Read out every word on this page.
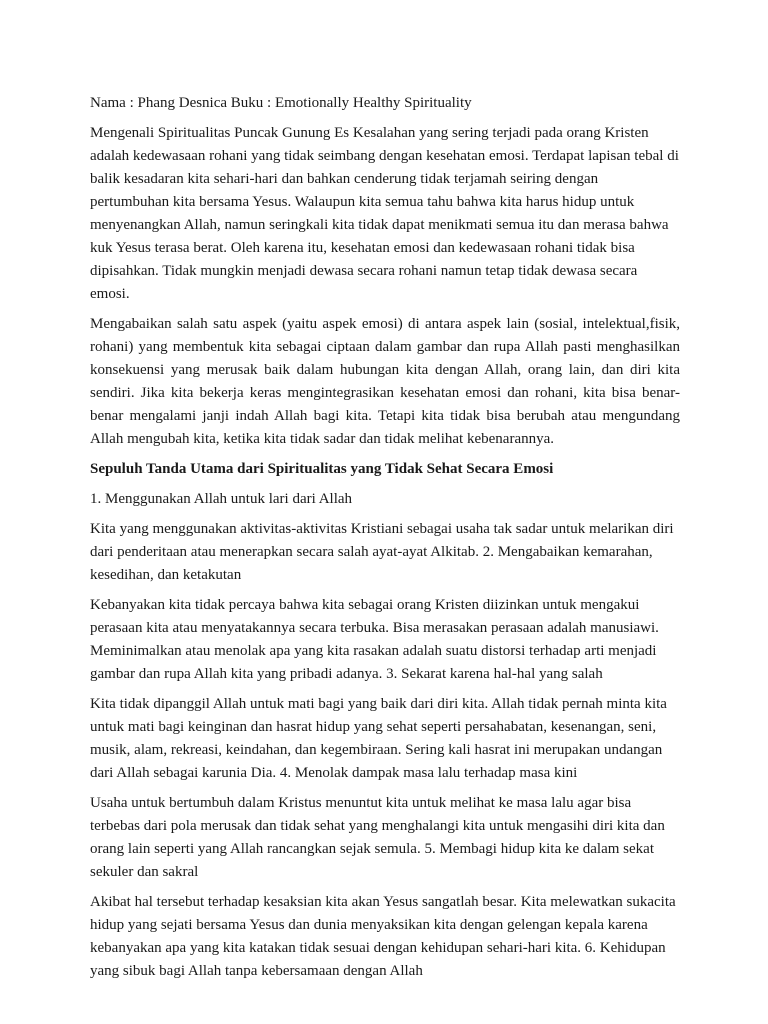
Nama : Phang Desnica Buku : Emotionally Healthy Spirituality

Mengenali Spiritualitas Puncak Gunung Es Kesalahan yang sering terjadi pada orang Kristen adalah kedewasaan rohani yang tidak seimbang dengan kesehatan emosi. Terdapat lapisan tebal di balik kesadaran kita sehari-hari dan bahkan cenderung tidak terjamah seiring dengan pertumbuhan kita bersama Yesus. Walaupun kita semua tahu bahwa kita harus hidup untuk menyenangkan Allah, namun seringkali kita tidak dapat menikmati semua itu dan merasa bahwa kuk Yesus terasa berat. Oleh karena itu, kesehatan emosi dan kedewasaan rohani tidak bisa dipisahkan. Tidak mungkin menjadi dewasa secara rohani namun tetap tidak dewasa secara emosi.

Mengabaikan salah satu aspek (yaitu aspek emosi) di antara aspek lain (sosial, intelektual,fisik, rohani) yang membentuk kita sebagai ciptaan dalam gambar dan rupa Allah pasti menghasilkan konsekuensi yang merusak baik dalam hubungan kita dengan Allah, orang lain, dan diri kita sendiri. Jika kita bekerja keras mengintegrasikan kesehatan emosi dan rohani, kita bisa benar-benar mengalami janji indah Allah bagi kita. Tetapi kita tidak bisa berubah atau mengundang Allah mengubah kita, ketika kita tidak sadar dan tidak melihat kebenarannya.

Sepuluh Tanda Utama dari Spiritualitas yang Tidak Sehat Secara Emosi

1. Menggunakan Allah untuk lari dari Allah

Kita yang menggunakan aktivitas-aktivitas Kristiani sebagai usaha tak sadar untuk melarikan diri dari penderitaan atau menerapkan secara salah ayat-ayat Alkitab. 2. Mengabaikan kemarahan, kesedihan, dan ketakutan

Kebanyakan kita tidak percaya bahwa kita sebagai orang Kristen diizinkan untuk mengakui perasaan kita atau menyatakannya secara terbuka. Bisa merasakan perasaan adalah manusiawi. Meminimalkan atau menolak apa yang kita rasakan adalah suatu distorsi terhadap arti menjadi gambar dan rupa Allah kita yang pribadi adanya. 3. Sekarat karena hal-hal yang salah

Kita tidak dipanggil Allah untuk mati bagi yang baik dari diri kita. Allah tidak pernah minta kita untuk mati bagi keinginan dan hasrat hidup yang sehat seperti persahabatan, kesenangan, seni, musik, alam, rekreasi, keindahan, dan kegembiraan. Sering kali hasrat ini merupakan undangan dari Allah sebagai karunia Dia. 4. Menolak dampak masa lalu terhadap masa kini

Usaha untuk bertumbuh dalam Kristus menuntut kita untuk melihat ke masa lalu agar bisa terbebas dari pola merusak dan tidak sehat yang menghalangi kita untuk mengasihi diri kita dan orang lain seperti yang Allah rancangkan sejak semula. 5. Membagi hidup kita ke dalam sekat sekuler dan sakral

Akibat hal tersebut terhadap kesaksian kita akan Yesus sangatlah besar. Kita melewatkan sukacita hidup yang sejati bersama Yesus dan dunia menyaksikan kita dengan gelengan kepala karena kebanyakan apa yang kita katakan tidak sesuai dengan kehidupan sehari-hari kita. 6. Kehidupan yang sibuk bagi Allah tanpa kebersamaan dengan Allah
